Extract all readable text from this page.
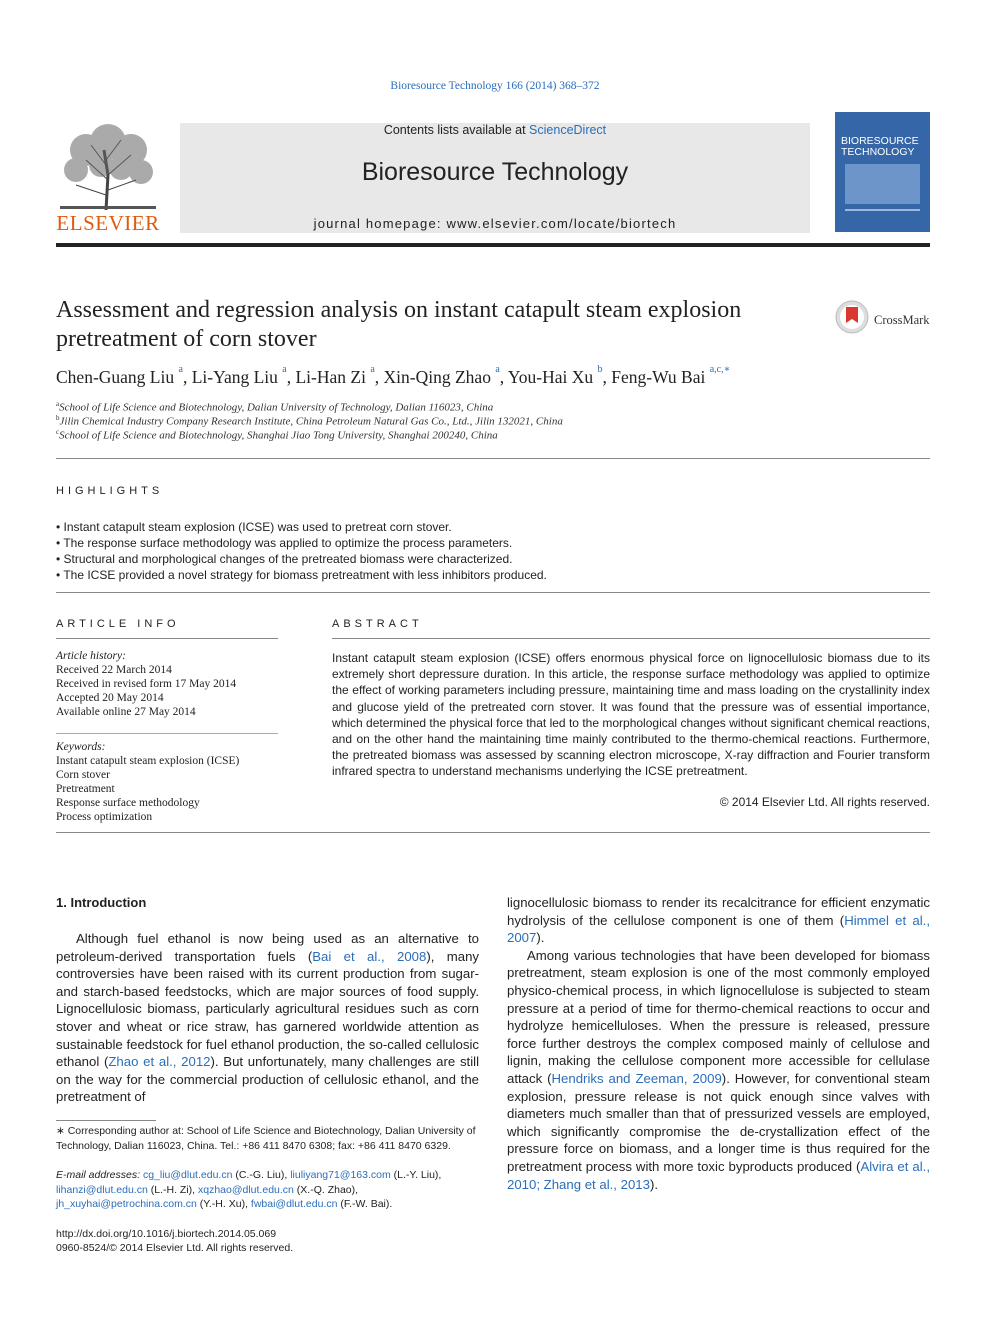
Bioresource Technology 166 (2014) 368–372
ELSEVIER
Contents lists available at ScienceDirect
Bioresource Technology
journal homepage: www.elsevier.com/locate/biortech
BIORESOURCE TECHNOLOGY
Assessment and regression analysis on instant catapult steam explosion pretreatment of corn stover
CrossMark
Chen-Guang Liu $^a$, Li-Yang Liu $^a$, Li-Han Zi $^a$, Xin-Qing Zhao $^a$, You-Hai Xu $^b$, Feng-Wu Bai $^{a,c,∗}$
$^a$School of Life Science and Biotechnology, Dalian University of Technology, Dalian 116023, China
$^b$Jilin Chemical Industry Company Research Institute, China Petroleum Natural Gas Co., Ltd., Jilin 132021, China
$^c$School of Life Science and Biotechnology, Shanghai Jiao Tong University, Shanghai 200240, China
HIGHLIGHTS
• Instant catapult steam explosion (ICSE) was used to pretreat corn stover.
• The response surface methodology was applied to optimize the process parameters.
• Structural and morphological changes of the pretreated biomass were characterized.
• The ICSE provided a novel strategy for biomass pretreatment with less inhibitors produced.
ARTICLE INFO
Article history:
Received 22 March 2014
Received in revised form 17 May 2014
Accepted 20 May 2014
Available online 27 May 2014
Keywords:
Instant catapult steam explosion (ICSE)
Corn stover
Pretreatment
Response surface methodology
Process optimization
ABSTRACT
Instant catapult steam explosion (ICSE) offers enormous physical force on lignocellulosic biomass due to its extremely short depressure duration. In this article, the response surface methodology was applied to optimize the effect of working parameters including pressure, maintaining time and mass loading on the crystallinity index and glucose yield of the pretreated corn stover. It was found that the pressure was of essential importance, which determined the physical force that led to the morphological changes without significant chemical reactions, and on the other hand the maintaining time mainly contributed to the thermo-chemical reactions. Furthermore, the pretreated biomass was assessed by scanning electron microscope, X-ray diffraction and Fourier transform infrared spectra to understand mechanisms underlying the ICSE pretreatment.
© 2014 Elsevier Ltd. All rights reserved.
1. Introduction

Although fuel ethanol is now being used as an alternative to petroleum-derived transportation fuels (Bai et al., 2008), many controversies have been raised with its current production from sugar- and starch-based feedstocks, which are major sources of food supply. Lignocellulosic biomass, particularly agricultural residues such as corn stover and wheat or rice straw, has garnered worldwide attention as sustainable feedstock for fuel ethanol production, the so-called cellulosic ethanol (Zhao et al., 2012). But unfortunately, many challenges are still on the way for the commercial production of cellulosic ethanol, and the pretreatment of

∗ Corresponding author at: School of Life Science and Biotechnology, Dalian University of Technology, Dalian 116023, China. Tel.: +86 411 8470 6308; fax: +86 411 8470 6329.
E-mail addresses: cg_liu@dlut.edu.cn (C.-G. Liu), liuliyang71@163.com (L.-Y. Liu), lihanzi@dlut.edu.cn (L.-H. Zi), xqzhao@dlut.edu.cn (X.-Q. Zhao), jh_xuyhai@petrochina.com.cn (Y.-H. Xu), fwbai@dlut.edu.cn (F.-W. Bai).
http://dx.doi.org/10.1016/j.biortech.2014.05.069
0960-8524/© 2014 Elsevier Ltd. All rights reserved.

lignocellulosic biomass to render its recalcitrance for efficient enzymatic hydrolysis of the cellulose component is one of them (Himmel et al., 2007).

Among various technologies that have been developed for biomass pretreatment, steam explosion is one of the most commonly employed physico-chemical process, in which lignocellulose is subjected to steam pressure at a period of time for thermo-chemical reactions to occur and hydrolyze hemicelluloses. When the pressure is released, pressure force further destroys the complex composed mainly of cellulose and lignin, making the cellulose component more accessible for cellulase attack (Hendriks and Zeeman, 2009). However, for conventional steam explosion, pressure release is not quick enough since valves with diameters much smaller than that of pressurized vessels are employed, which significantly compromise the de-crystallization effect of the pressure force on biomass, and a longer time is thus required for the pretreatment process with more toxic byproducts produced (Alvira et al., 2010; Zhang et al., 2013).
